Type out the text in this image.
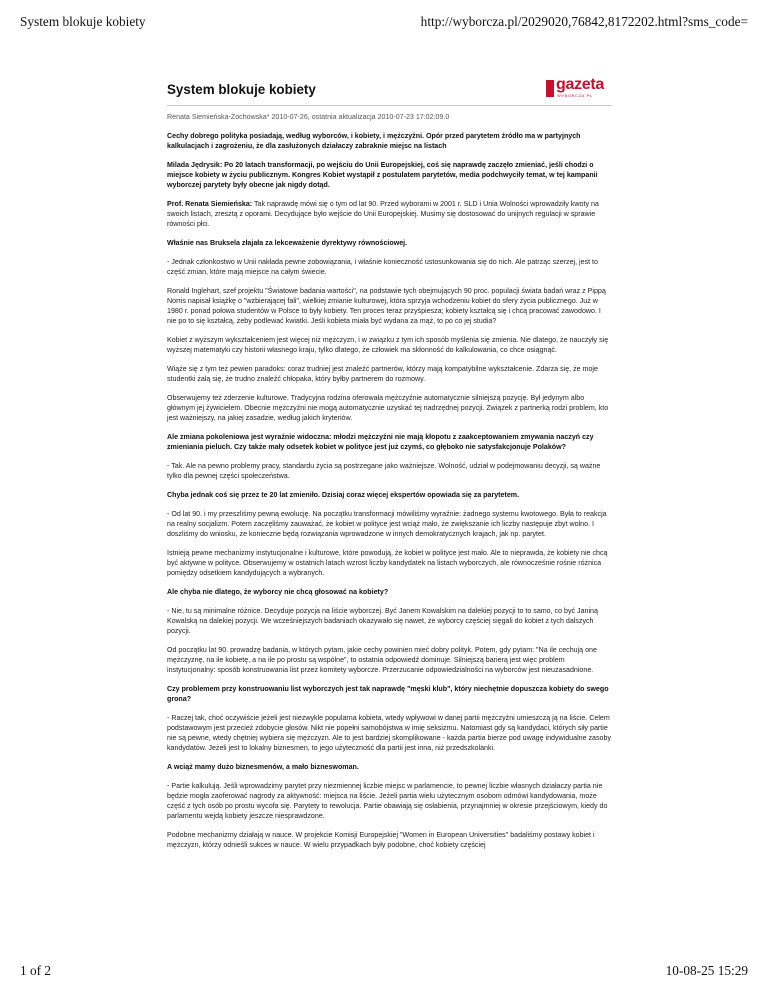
System blokuje kobiety	http://wyborcza.pl/2029020,76842,8172202.html?sms_code=
System blokuje kobiety	gazeta
WYBORCZA.PL
Renata Siemieńska-Żochowska* 2010-07-26, ostatnia aktualizacja 2010-07-23 17:02:09.0
Cechy dobrego polityka posiadają, według wyborców, i kobiety, i mężczyźni. Opór przed parytetem źródło ma w partyjnych kalkulacjach i zagrożeniu, że dla zasłużonych działaczy zabraknie miejsc na listach
Milada Jędrysik: Po 20 latach transformacji, po wejściu do Unii Europejskiej, coś się naprawdę zaczęło zmieniać, jeśli chodzi o miejsce kobiety w życiu publicznym. Kongres Kobiet wystąpił z postulatem parytetów, media podchwyciły temat, w tej kampanii wyborczej parytety były obecne jak nigdy dotąd.
Prof. Renata Siemieńska: Tak naprawdę mówi się o tym od lat 90. Przed wyborami w 2001 r. SLD i Unia Wolności wprowadziły kwoty na swoich listach, zresztą z oporami. Decydujące było wejście do Unii Europejskiej. Musimy się dostosować do unijnych regulacji w sprawie równości płci.
Właśnie nas Bruksela złajała za lekceważenie dyrektywy równościowej.
- Jednak członkostwo w Unii nakłada pewne zobowiązania, i właśnie konieczność ustosunkowania się do nich. Ale patrząc szerzej, jest to część zmian, które mają miejsce na całym świecie.
Ronald Inglehart, szef projektu "Światowe badania wartości", na podstawie tych obejmujących 90 proc. populacji świata badań wraz z Pippą Norris napisał książkę o "wzbierającej fali", wielkiej zmianie kulturowej, która sprzyja wchodzeniu kobiet do sfery życia publicznego. Już w 1980 r. ponad połowa studentów w Polsce to były kobiety. Ten proces teraz przyśpiesza; kobiety kształcą się i chcą pracować zawodowo. I nie po to się kształcą, żeby podlewać kwiatki. Jeśli kobieta miała być wydana za mąż, to po co jej studia?
Kobiet z wyższym wykształceniem jest więcej niż mężczyzn, i w związku z tym ich sposób myślenia się zmienia. Nie dlatego, że nauczyły się wyższej matematyki czy historii własnego kraju, tylko dlatego, że człowiek ma skłonność do kalkulowania, co chce osiągnąć.
Wiąże się z tym też pewien paradoks: coraz trudniej jest znaleźć partnerów, którzy mają kompatybilne wykształcenie. Zdarza się, że moje studentki żalą się, że trudno znaleźć chłopaka, który byłby partnerem do rozmowy.
Obserwujemy też zderzenie kulturowe. Tradycyjna rodzina oferowała mężczyźnie automatycznie silniejszą pozycję. Był jedynym albo głównym jej żywicielem. Obecnie mężczyźni nie mogą automatycznie uzyskać tej nadrzędnej pozycji. Związek z partnerką rodzi problem, kto jest ważniejszy, na jakiej zasadzie, według jakich kryteriów.
Ale zmiana pokoleniowa jest wyraźnie widoczna: młodzi mężczyźni nie mają kłopotu z zaakceptowaniem zmywania naczyń czy zmieniania pieluch. Czy także mały odsetek kobiet w polityce jest już czymś, co głęboko nie satysfakcjonuje Polaków?
- Tak. Ale na pewno problemy pracy, standardu życia są postrzegane jako ważniejsze. Wolność, udział w podejmowaniu decyzji, są ważne tylko dla pewnej części społeczeństwa.
Chyba jednak coś się przez te 20 lat zmieniło. Dzisiaj coraz więcej ekspertów opowiada się za parytetem.
- Od lat 90. i my przeszliśmy pewną ewolucję. Na początku transformacji mówiliśmy wyraźnie: żadnego systemu kwotowego. Była to reakcja na realny socjalizm. Potem zaczęliśmy zauważać, że kobiet w polityce jest wciąż mało, że zwiększanie ich liczby następuje zbyt wolno. I doszliśmy do wniosku, że konieczne będą rozwiązania wprowadzone w innych demokratycznych krajach, jak np. parytet.
Istnieją pewne mechanizmy instytucjonalne i kulturowe, które powodują, że kobiet w polityce jest mało. Ale to nieprawda, że kobiety nie chcą być aktywne w polityce. Obserwujemy w ostatnich latach wzrost liczby kandydatek na listach wyborczych, ale równocześnie rośnie różnica pomiędzy odsetkiem kandydujących a wybranych.
Ale chyba nie dlatego, że wyborcy nie chcą głosować na kobiety?
- Nie, tu są minimalne różnice. Decyduje pozycja na liście wyborczej. Być Janem Kowalskim na dalekiej pozycji to to samo, co być Janiną Kowalską na dalekiej pozycji. We wcześniejszych badaniach okazywało się nawet, że wyborcy częściej sięgali do kobiet z tych dalszych pozycji.
Od początku lat 90. prowadzę badania, w których pytam, jakie cechy powinien mieć dobry polityk. Potem, gdy pytam: "Na ile cechują one mężczyznę, na ile kobietę, a na ile po prostu są wspólne", to ostatnia odpowiedź dominuje. Silniejszą barierą jest więc problem instytucjonalny: sposób konstruowania list przez komitety wyborcze. Przerzucanie odpowiedzialności na wyborców jest nieuzasadnione.
Czy problemem przy konstruowaniu list wyborczych jest tak naprawdę "męski klub", który niechętnie dopuszcza kobiety do swego grona?
- Raczej tak, choć oczywiście jeżeli jest niezwykle popularna kobieta, wtedy wpływowi w danej partii mężczyźni umieszczą ją na liście. Celem podstawowym jest przecież zdobycie głosów. Nikt nie popełni samobójstwa w imię seksizmu. Natomiast gdy są kandydaci, których siły partie nie są pewne, wtedy chętniej wybiera się mężczyzn. Ale to jest bardziej skomplikowane - każda partia bierze pod uwagę indywidualne zasoby kandydatów. Jeżeli jest to lokalny biznesmen, to jego użyteczność dla partii jest inna, niż przedszkolanki.
A wciąż mamy dużo biznesmenów, a mało bizneswoman.
- Partie kalkulują. Jeśli wprowadzimy parytet przy niezmiennej liczbie miejsc w parlamencie, to pewnej liczbie własnych działaczy partia nie będzie mogła zaoferować nagrody za aktywność: miejsca na liście. Jeżeli partia wielu użytecznym osobom odmówi kandydowania, może część z tych osób po prostu wycofa się. Parytety to rewolucja. Partie obawiają się osłabienia, przynajmniej w okresie przejściowym, kiedy do parlamentu wejdą kobiety jeszcze niesprawdzone.
Podobne mechanizmy działają w nauce. W projekcie Komisji Europejskiej "Women in European Universities" badaliśmy postawy kobiet i mężczyzn, którzy odnieśli sukces w nauce. W wielu przypadkach były podobne, choć kobiety częściej
1 of 2	10-08-25 15:29
